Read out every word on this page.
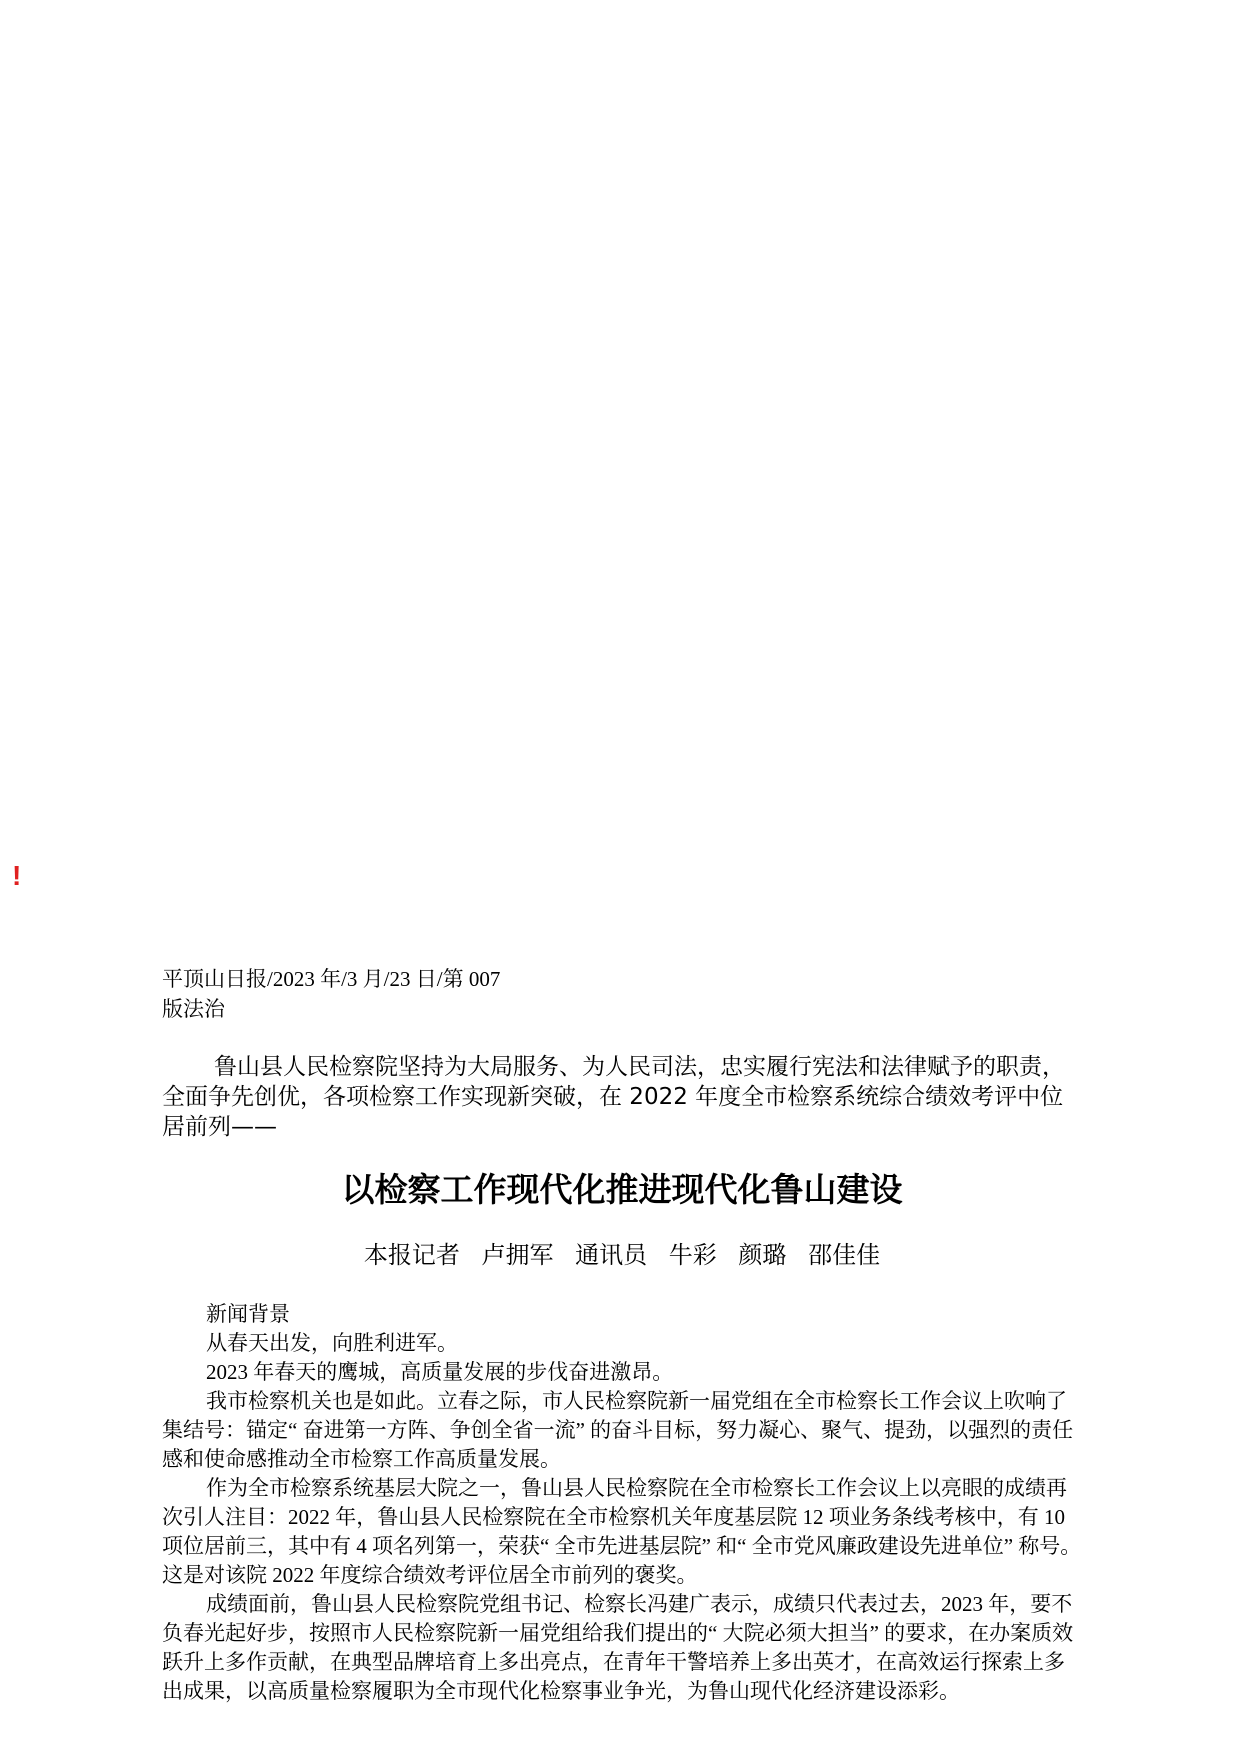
!
平顶山日报/2023 年/3 月/23 日/第 007
版法治

鲁山县人民检察院坚持为大局服务、为人民司法，忠实履行宪法和法律赋予的职责，全面争先创优，各项检察工作实现新突破，在 2022 年度全市检察系统综合绩效考评中位居前列——

以检察工作现代化推进现代化鲁山建设
本报记者 卢拥军 通讯员 牛彩 颜璐 邵佳佳

新闻背景

从春天出发，向胜利进军。

2023 年春天的鹰城，高质量发展的步伐奋进激昂。

我市检察机关也是如此。立春之际，市人民检察院新一届党组在全市检察长工作会议上吹响了集结号：锚定“ 奋进第一方阵、争创全省一流” 的奋斗目标，努力凝心、聚气、提劲，以强烈的责任感和使命感推动全市检察工作高质量发展。

作为全市检察系统基层大院之一，鲁山县人民检察院在全市检察长工作会议上以亮眼的成绩再次引人注目：2022 年，鲁山县人民检察院在全市检察机关年度基层院 12 项业务条线考核中，有 10 项位居前三，其中有 4 项名列第一，荣获“ 全市先进基层院” 和“ 全市党风廉政建设先进单位” 称号。这是对该院 2022 年度综合绩效考评位居全市前列的褒奖。

成绩面前，鲁山县人民检察院党组书记、检察长冯建广表示，成绩只代表过去，2023 年，要不负春光起好步，按照市人民检察院新一届党组给我们提出的“ 大院必须大担当” 的要求，在办案质效跃升上多作贡献，在典型品牌培育上多出亮点，在青年干警培养上多出英才，在高效运行探索上多出成果，以高质量检察履职为全市现代化检察事业争光，为鲁山现代化经济建设添彩。
